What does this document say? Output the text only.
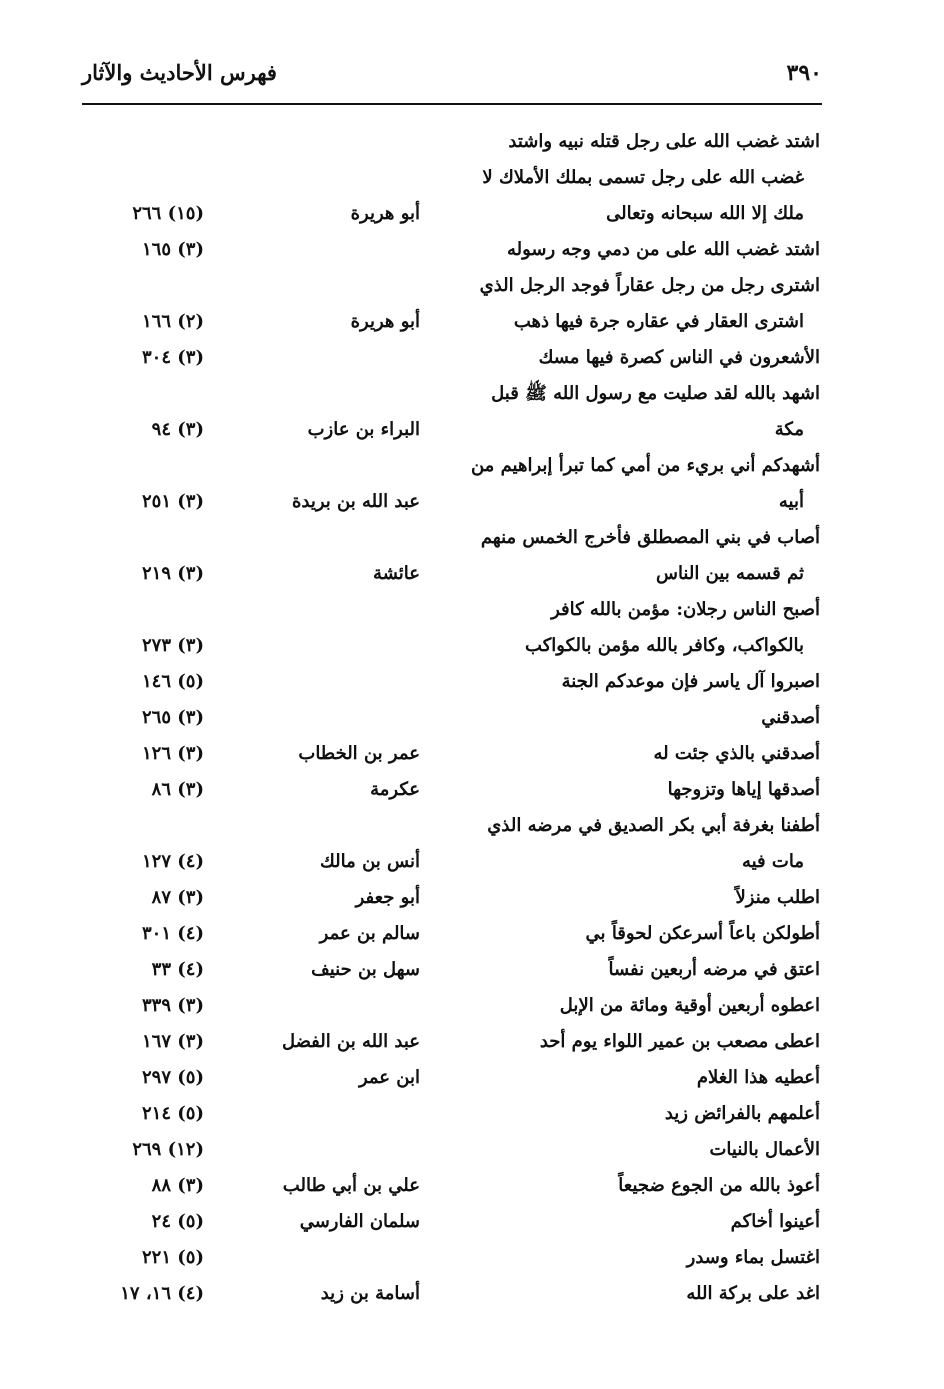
فهرس الأحاديث والآثار	٣٩٠
اشتد غضب الله على رجل قتله نبيه واشتد
غضب الله على رجل تسمى بملك الأملاك لا
ملك إلا الله سبحانه وتعالى
أبو هريرة
(١٥) ٢٦٦
اشتد غضب الله على من دمي وجه رسوله
(٣) ١٦٥
اشترى رجل من رجل عقاراً فوجد الرجل الذي
اشترى العقار في عقاره جرة فيها ذهب
أبو هريرة
(٢) ١٦٦
الأشعرون في الناس كصرة فيها مسك
(٣) ٣٠٤
اشهد بالله لقد صليت مع رسول الله ﷺ قبل
مكة
البراء بن عازب
(٣) ٩٤
أشهدكم أني بريء من أمي كما تبرأ إبراهيم من
أبيه
عبد الله بن بريدة
(٣) ٢٥١
أصاب في بني المصطلق فأخرج الخمس منهم
ثم قسمه بين الناس
عائشة
(٣) ٢١٩
أصبح الناس رجلان: مؤمن بالله كافر
بالكواكب، وكافر بالله مؤمن بالكواكب
(٣) ٢٧٣
اصبروا آل ياسر فإن موعدكم الجنة
(٥) ١٤٦
أصدقني
(٣) ٢٦٥
أصدقني بالذي جئت له
عمر بن الخطاب
(٣) ١٢٦
أصدقها إياها وتزوجها
عكرمة
(٣) ٨٦
أطفنا بغرفة أبي بكر الصديق في مرضه الذي
مات فيه
أنس بن مالك
(٤) ١٢٧
اطلب منزلاً
أبو جعفر
(٣) ٨٧
أطولكن باعاً أسرعكن لحوقاً بي
سالم بن عمر
(٤) ٣٠١
اعتق في مرضه أربعين نفساً
سهل بن حنيف
(٤) ٣٣
اعطوه أربعين أوقية ومائة من الإبل
(٣) ٣٣٩
اعطى مصعب بن عمير اللواء يوم أحد
عبد الله بن الفضل
(٣) ١٦٧
أعطيه هذا الغلام
ابن عمر
(٥) ٢٩٧
أعلمهم بالفرائض زيد
(٥) ٢١٤
الأعمال بالنيات
(١٢) ٢٦٩
أعوذ بالله من الجوع ضجيعاً
علي بن أبي طالب
(٣) ٨٨
أعينوا أخاكم
سلمان الفارسي
(٥) ٢٤
اغتسل بماء وسدر
(٥) ٢٢١
اغد على بركة الله
أسامة بن زيد
(٤) ١٦، ١٧
